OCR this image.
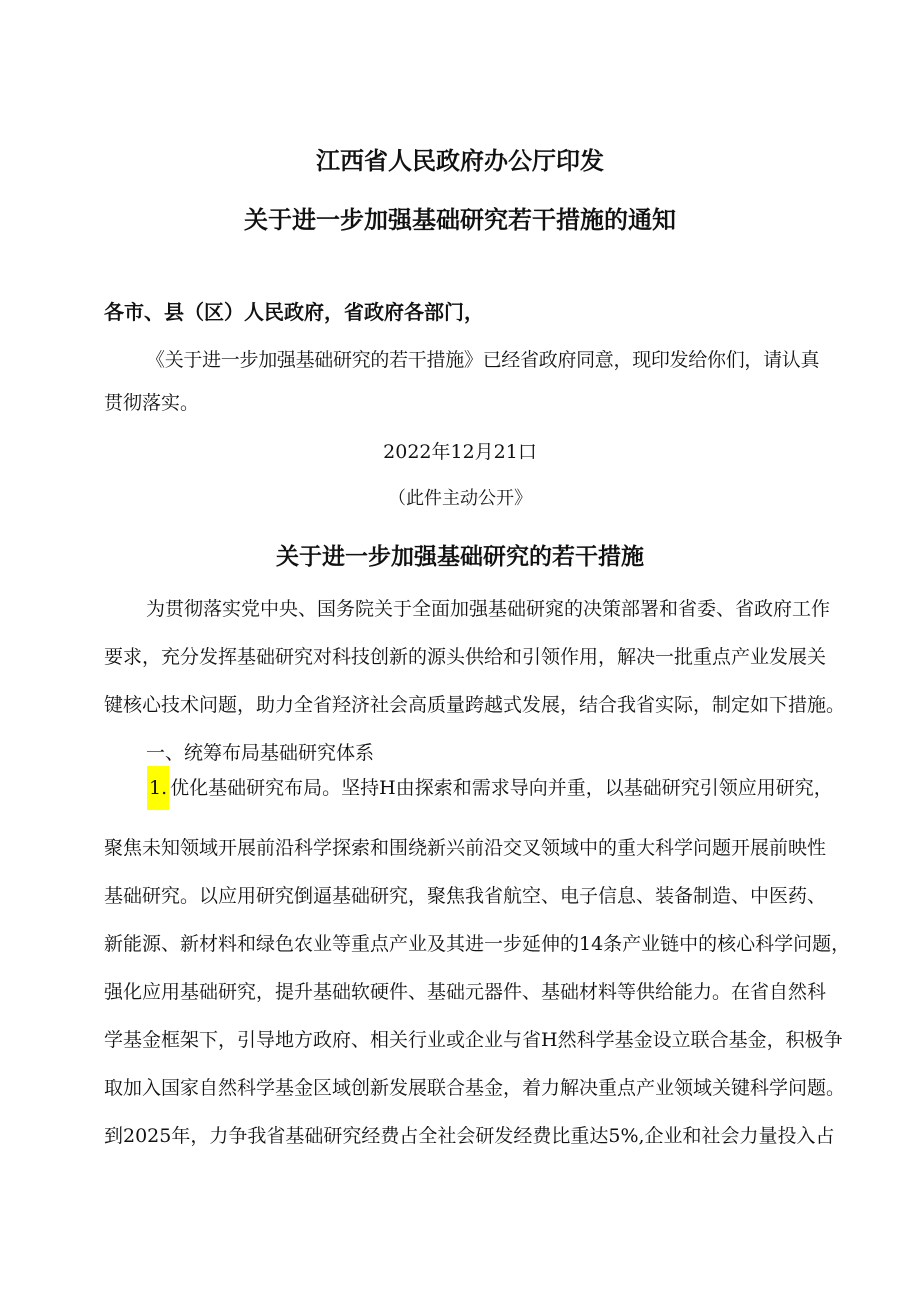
江西省人民政府办公厅印发
关于进一步加强基础研究若干措施的通知
各市、县（区）人民政府，省政府各部门，
《关于进一步加强基础研究的若干措施》已经省政府同意，现印发给你们，请认真
贯彻落实。
2022年12月21口
（此件主动公开》
关于进一步加强基础研究的若干措施
为贯彻落实党中央、国务院关于全面加强基础研窕的决策部署和省委、省政府工作
要求，充分发挥基础研究对科技创新的源头供给和引领作用，解决一批重点产业发展关
键核心技术问题，助力全省羟济社会高质量跨越式发展，结合我省实际，制定如下措施。
一、统筹布局基础研究体系
1. 优化基础研究布局。坚持H由探索和需求导向并重，以基础研究引领应用研究，
聚焦未知领域开展前沿科学探索和围绕新兴前沿交叉领域中的重大科学问题开展前映性
基础研究。以应用研究倒逼基础研究，聚焦我省航空、电子信息、装备制造、中医药、
新能源、新材料和绿色农业等重点产业及其进一步延伸的14条产业链中的核心科学问题，
强化应用基础研究，提升基础软硬件、基础元器件、基础材料等供给能力。在省自然科
学基金框架下，引导地方政府、相关行业或企业与省H然科学基金设立联合基金，积极争
取加入国家自然科学基金区域创新发展联合基金，着力解决重点产业领域关键科学问题。
到2025年，力争我省基础研究经费占全社会研发经费比重达5%,企业和社会力量投入占
